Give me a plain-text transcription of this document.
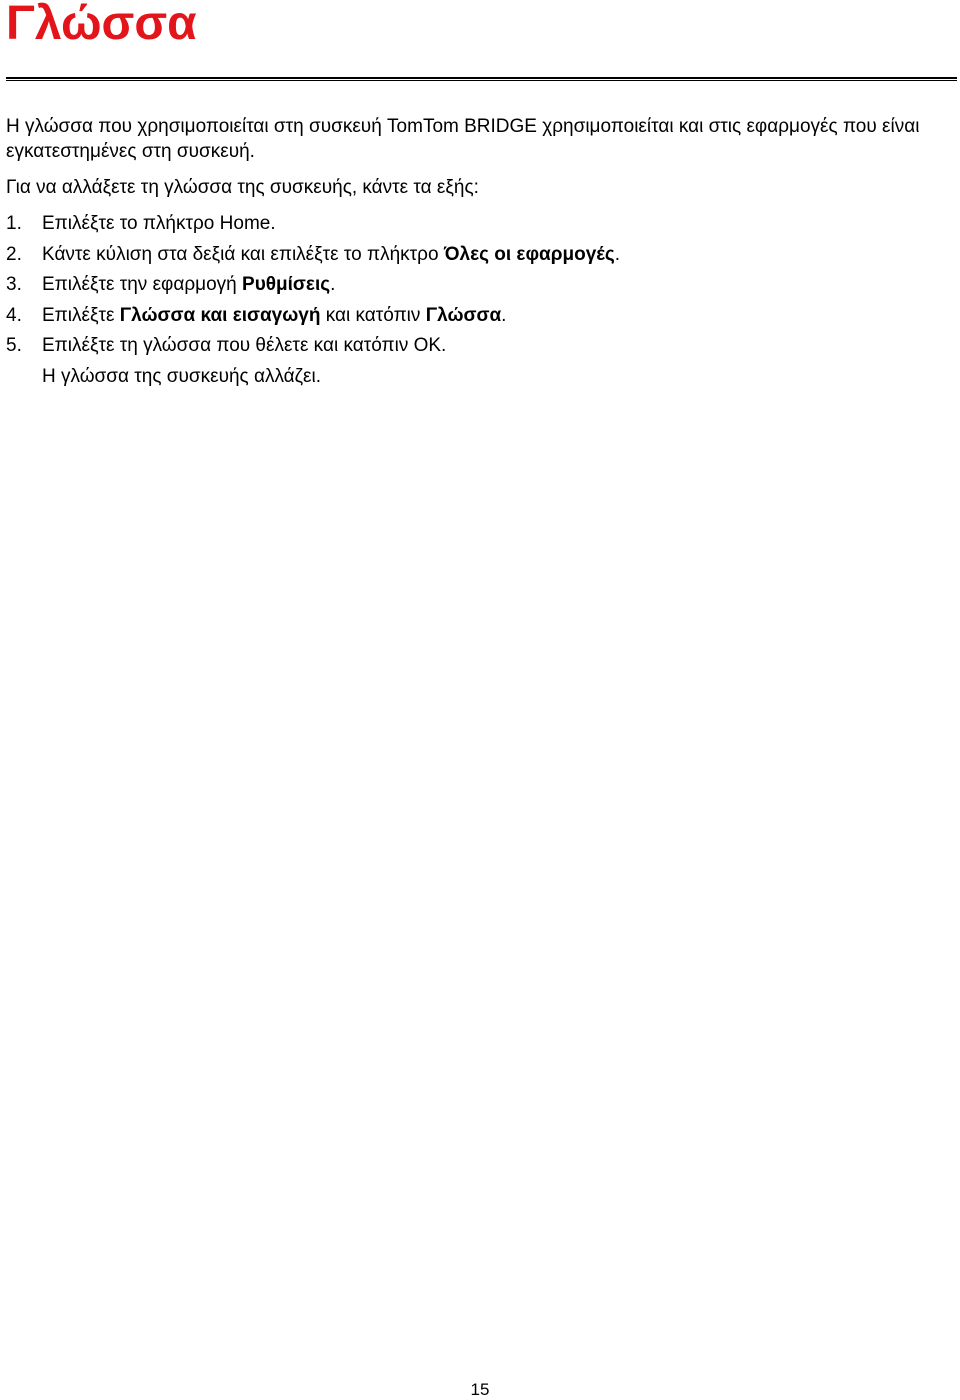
Γλώσσα

Η γλώσσα που χρησιμοποιείται στη συσκευή TomTom BRIDGE χρησιμοποιείται και στις εφαρμογές που είναι εγκατεστημένες στη συσκευή.

Για να αλλάξετε τη γλώσσα της συσκευής, κάντε τα εξής:

1. Επιλέξτε το πλήκτρο Home.
2. Κάντε κύλιση στα δεξιά και επιλέξτε το πλήκτρο Όλες οι εφαρμογές.
3. Επιλέξτε την εφαρμογή Ρυθμίσεις.
4. Επιλέξτε Γλώσσα και εισαγωγή και κατόπιν Γλώσσα.
5. Επιλέξτε τη γλώσσα που θέλετε και κατόπιν OK.

Η γλώσσα της συσκευής αλλάζει.

15
